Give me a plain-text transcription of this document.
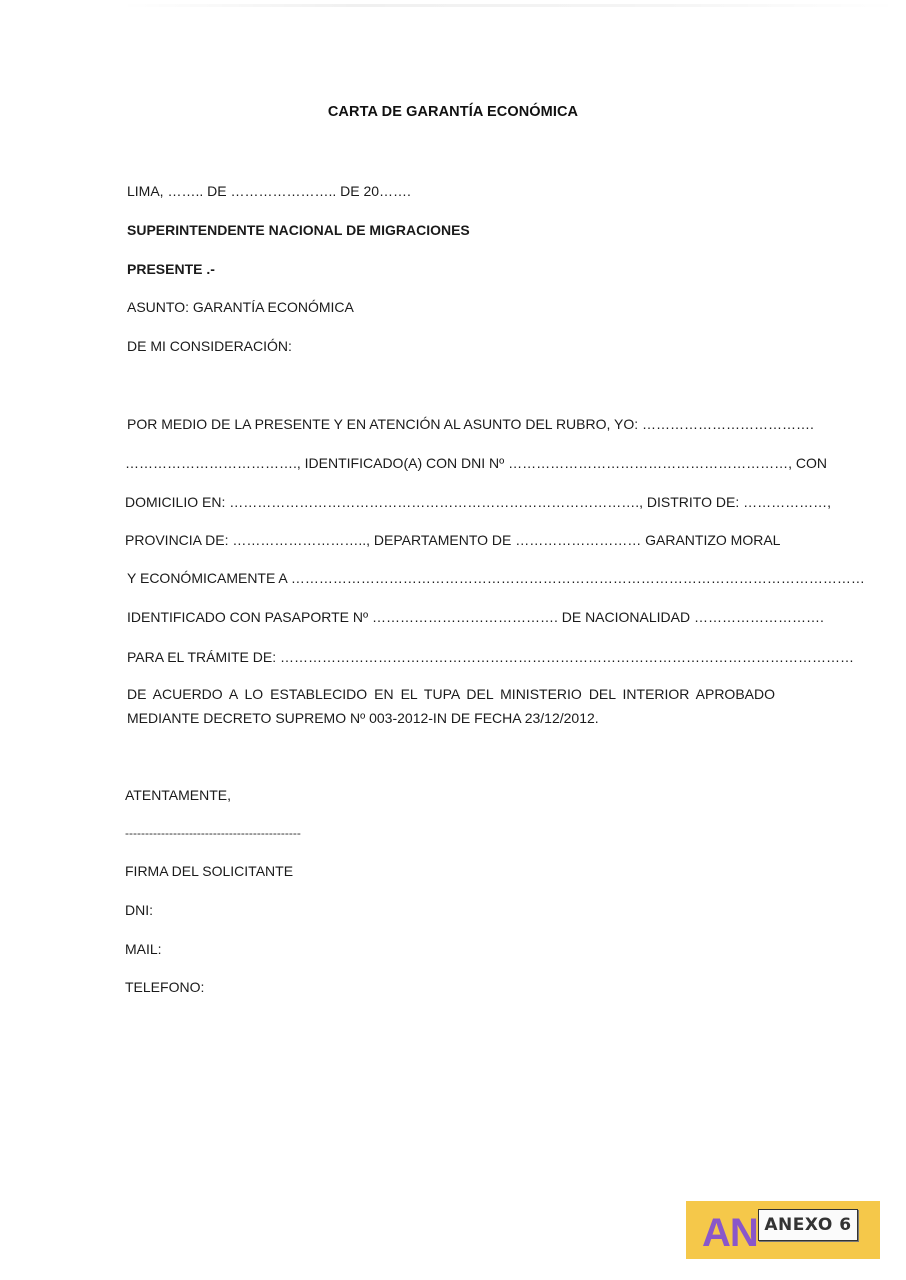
CARTA DE GARANTÍA ECONÓMICA
LIMA, …….. DE ………………….. DE 20…….
SUPERINTENDENTE NACIONAL DE MIGRACIONES
PRESENTE .-
ASUNTO: GARANTÍA ECONÓMICA
DE MI CONSIDERACIÓN:
POR MEDIO DE LA PRESENTE Y EN ATENCIÓN AL ASUNTO DEL RUBRO, YO: ……………………………….
………………………………., IDENTIFICADO(A) CON DNI Nº ……………………………………………………, CON
DOMICILIO EN: ……………………………………………………………………………., DISTRITO DE: ………………,
PROVINCIA DE: ……………………….., DEPARTAMENTO DE ……………………… GARANTIZO MORAL
Y ECONÓMICAMENTE A ……………………………………………………………………………………………………………
IDENTIFICADO CON PASAPORTE Nº …………………………………. DE NACIONALIDAD ……………………….
PARA EL TRÁMITE DE: ……………………………………………………………………………………………………………
DE ACUERDO A LO ESTABLECIDO EN EL TUPA DEL MINISTERIO DEL INTERIOR APROBADO
MEDIANTE DECRETO SUPREMO Nº 003-2012-IN DE FECHA 23/12/2012.
ATENTAMENTE,
--------------------------------------------
FIRMA DEL SOLICITANTE
DNI:
MAIL:
TELEFONO:
AN ANEXO 6
